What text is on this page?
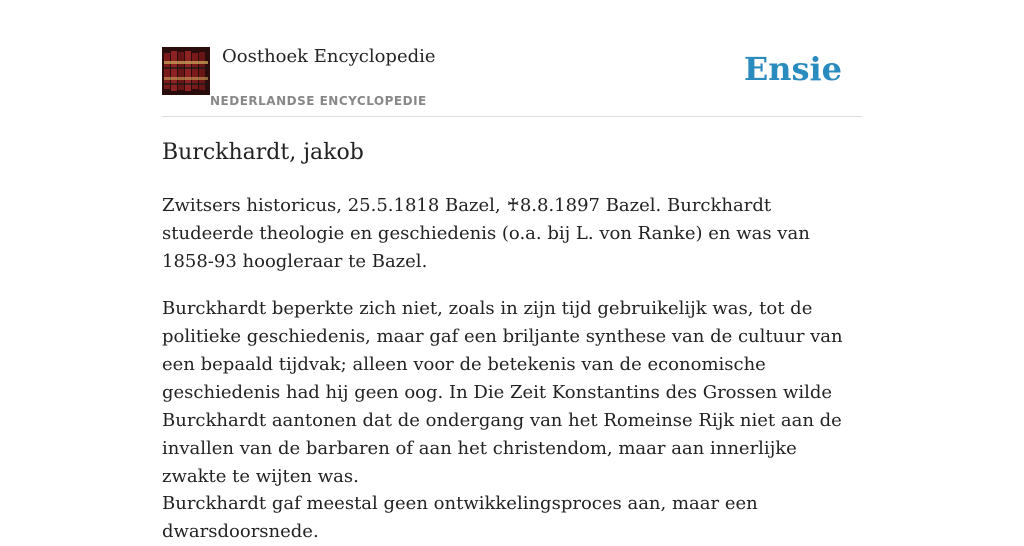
Oosthoek Encyclopedie
NEDERLANDSE ENCYCLOPEDIE
Ensie
Burckhardt, jakob

Zwitsers historicus, 25.5.1818 Bazel, ♰8.8.1897 Bazel. Burckhardt studeerde theologie en geschiedenis (o.a. bij L. von Ranke) en was van 1858-93 hoogleraar te Bazel.

Burckhardt beperkte zich niet, zoals in zijn tijd gebruikelijk was, tot de politieke geschiedenis, maar gaf een briljante synthese van de cultuur van een bepaald tijdvak; alleen voor de betekenis van de economische geschiedenis had hij geen oog. In Die Zeit Konstantins des Grossen wilde Burckhardt aantonen dat de ondergang van het Romeinse Rijk niet aan de invallen van de barbaren of aan het christendom, maar aan innerlijke zwakte te wijten was.

Burckhardt gaf meestal geen ontwikkelingsproces aan, maar een dwarsdoorsnede.
